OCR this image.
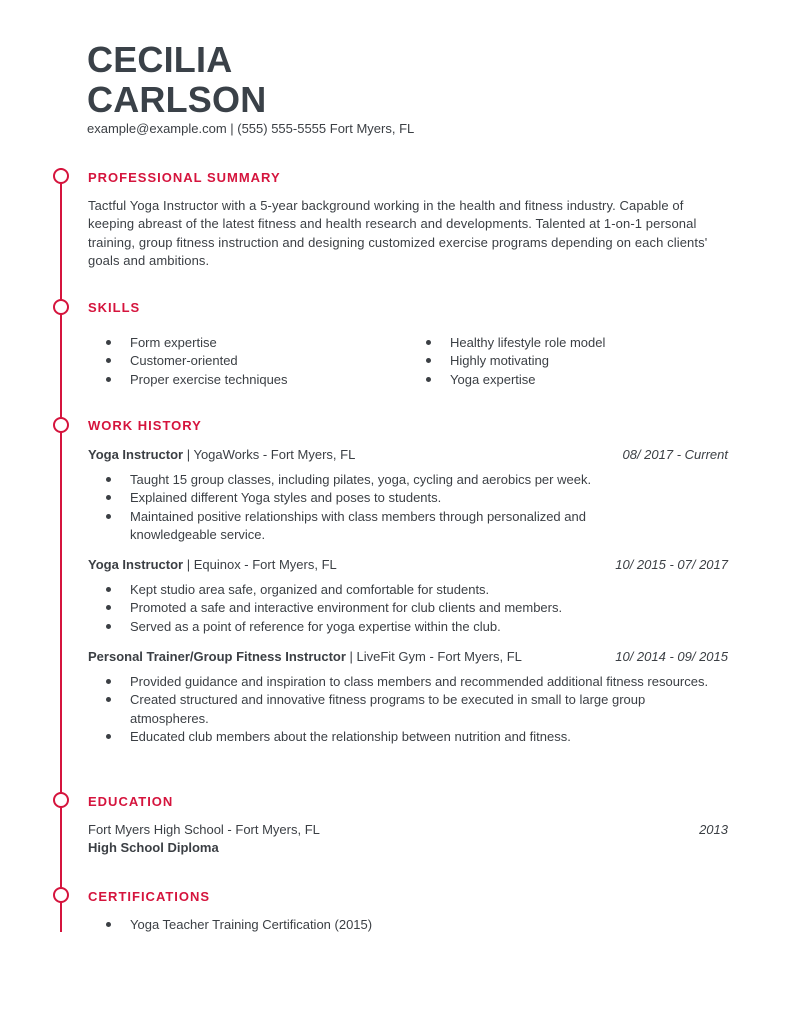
CECILIA
CARLSON
example@example.com | (555) 555-5555 Fort Myers, FL
PROFESSIONAL SUMMARY

Tactful Yoga Instructor with a 5-year background working in the health and fitness industry. Capable of keeping abreast of the latest fitness and health research and developments. Talented at 1-on-1 personal training, group fitness instruction and designing customized exercise programs depending on each clients' goals and ambitions.

SKILLS
Form expertise
Customer-oriented
Proper exercise techniques
Healthy lifestyle role model
Highly motivating
Yoga expertise
WORK HISTORY
Yoga Instructor | YogaWorks - Fort Myers, FL	08/ 2017 - Current
Taught 15 group classes, including pilates, yoga, cycling and aerobics per week.
Explained different Yoga styles and poses to students.
Maintained positive relationships with class members through personalized and knowledgeable service.
Yoga Instructor | Equinox - Fort Myers, FL	10/ 2015 - 07/ 2017
Kept studio area safe, organized and comfortable for students.
Promoted a safe and interactive environment for club clients and members.
Served as a point of reference for yoga expertise within the club.
Personal Trainer/Group Fitness Instructor | LiveFit Gym - Fort Myers, FL	10/ 2014 - 09/ 2015
Provided guidance and inspiration to class members and recommended additional fitness resources.
Created structured and innovative fitness programs to be executed in small to large group atmospheres.
Educated club members about the relationship between nutrition and fitness.
EDUCATION
Fort Myers High School - Fort Myers, FL	2013
High School Diploma
CERTIFICATIONS
Yoga Teacher Training Certification (2015)
